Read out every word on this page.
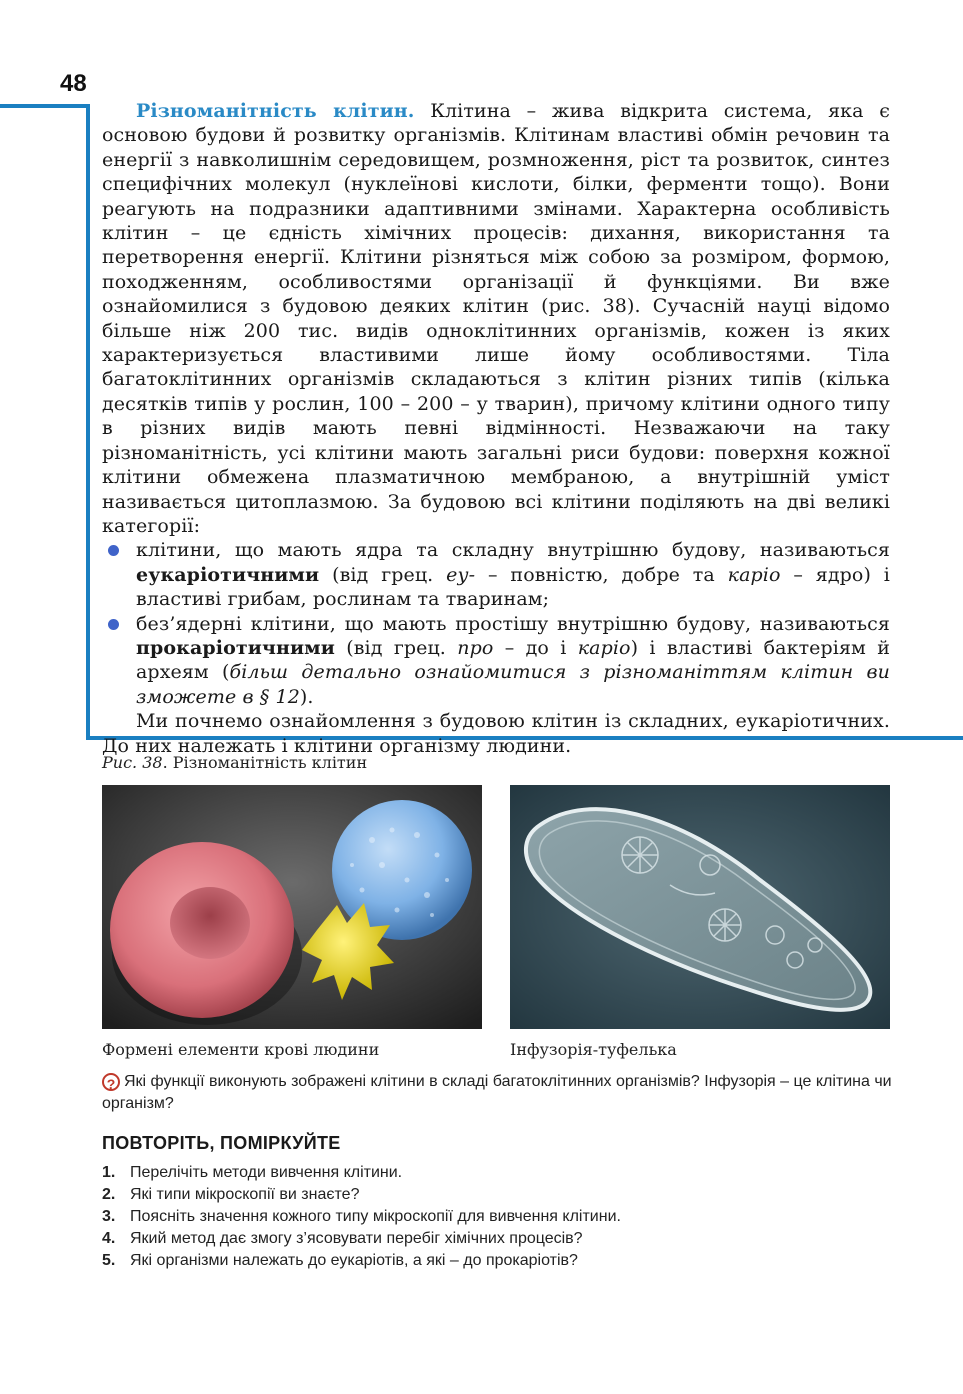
48

Різноманітність клітин. Клітина – жива відкрита система, яка є основою будови й розвитку організмів. Клітинам властиві обмін речовин та енергії з навколишнім середовищем, розмноження, ріст та розвиток, синтез специфічних молекул (нуклеїнові кислоти, білки, ферменти тощо). Вони реагують на подразники адаптивними змінами. Характерна особливість клітин – це єдність хімічних процесів: дихання, використання та перетворення енергії. Клітини різняться між собою за розміром, формою, походженням, особливостями організації й функціями. Ви вже ознайомилися з будовою деяких клітин (рис. 38). Сучасній науці відомо більше ніж 200 тис. видів одноклітинних організмів, кожен із яких характеризується властивими лише йому особливостями. Тіла багатоклітинних організмів складаються з клітин різних типів (кілька десятків типів у рослин, 100 – 200 – у тварин), причому клітини одного типу в різних видів мають певні відмінності. Незважаючи на таку різноманітність, усі клітини мають загальні риси будови: поверхня кожної клітини обмежена плазматичною мембраною, а внутрішній уміст називається цитоплазмою. За будовою всі клітини поділяють на дві великі категорії:

клітини, що мають ядра та складну внутрішню будову, називаються еукаріотичними (від грец. еу- – повністю, добре та каріо – ядро) і властиві грибам, рослинам та тваринам;
без’ядерні клітини, що мають простішу внутрішню будову, називаються прокаріотичними (від грец. про – до і каріо) і властиві бактеріям й археям (більш детально ознайомитися з різноманіттям клітин ви зможете в § 12).

Ми почнемо ознайомлення з будовою клітин із складних, еукаріотичних. До них належать і клітини організму людини.

Рис. 38. Різноманітність клітин
Формені елементи крові людини	Інфузорія-туфелька
? Які функції виконують зображені клітини в складі багатоклітинних організмів? Інфузорія – це клітина чи організм?
ПОВТОРІТЬ, ПОМІРКУЙТЕ
1. Перелічіть методи вивчення клітини.
2. Які типи мікроскопії ви знаєте?
3. Поясніть значення кожного типу мікроскопії для вивчення клітини.
4. Який метод дає змогу з’ясовувати перебіг хімічних процесів?
5. Які організми належать до еукаріотів, а які – до прокаріотів?
